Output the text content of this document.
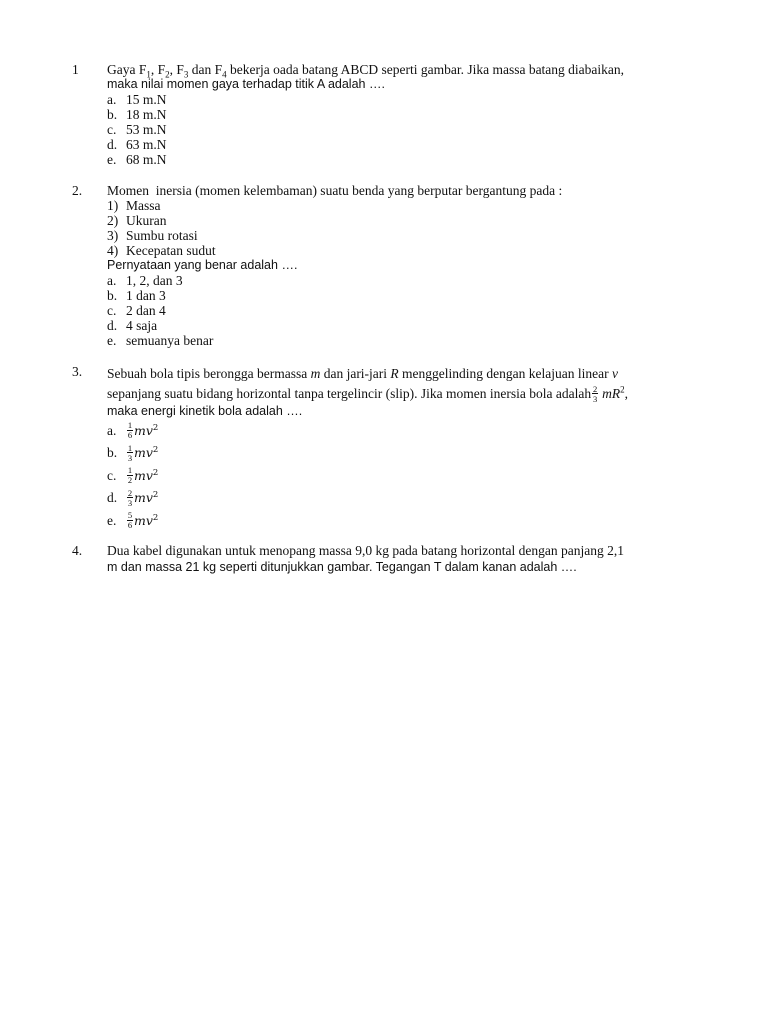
1 Gaya $F_1$, $F_2$, $F_3$ dan $F_4$ bekerja oada batang ABCD seperti gambar. Jika massa batang diabaikan,
maka nilai momen gaya terhadap titik A adalah ….
a. 15 m.N
b. 18 m.N
c. 53 m.N
d. 63 m.N
e. 68 m.N
2. Momen  inersia (momen kelembaman) suatu benda yang berputar bergantung pada :
1) Massa
2) Ukuran
3) Sumbu rotasi
4) Kecepatan sudut
Pernyataan yang benar adalah ….
a. 1, 2, dan 3
b. 1 dan 3
c. 2 dan 4
d. 4 saja
e. semuanya benar
3. Sebuah bola tipis berongga bermassa m dan jari-jari R menggelinding dengan kelajuan linear v
sepanjang suatu bidang horizontal tanpa tergelincir (slip). Jika momen inersia bola adalah $\frac{2}{3} mR^2$ ,
maka energi kinetik bola adalah ….
a.	$\frac{1}{6} mv^2$
b.	$\frac{1}{3} mv^2$
c.	$\frac{1}{2} mv^2$
d.	$\frac{2}{3} mv^2$
e.	$\frac{5}{6} mv^2$
4. Dua kabel digunakan untuk menopang massa 9,0 kg pada batang horizontal dengan panjang 2,1
m dan massa 21 kg seperti ditunjukkan gambar. Tegangan T dalam kanan adalah ….
